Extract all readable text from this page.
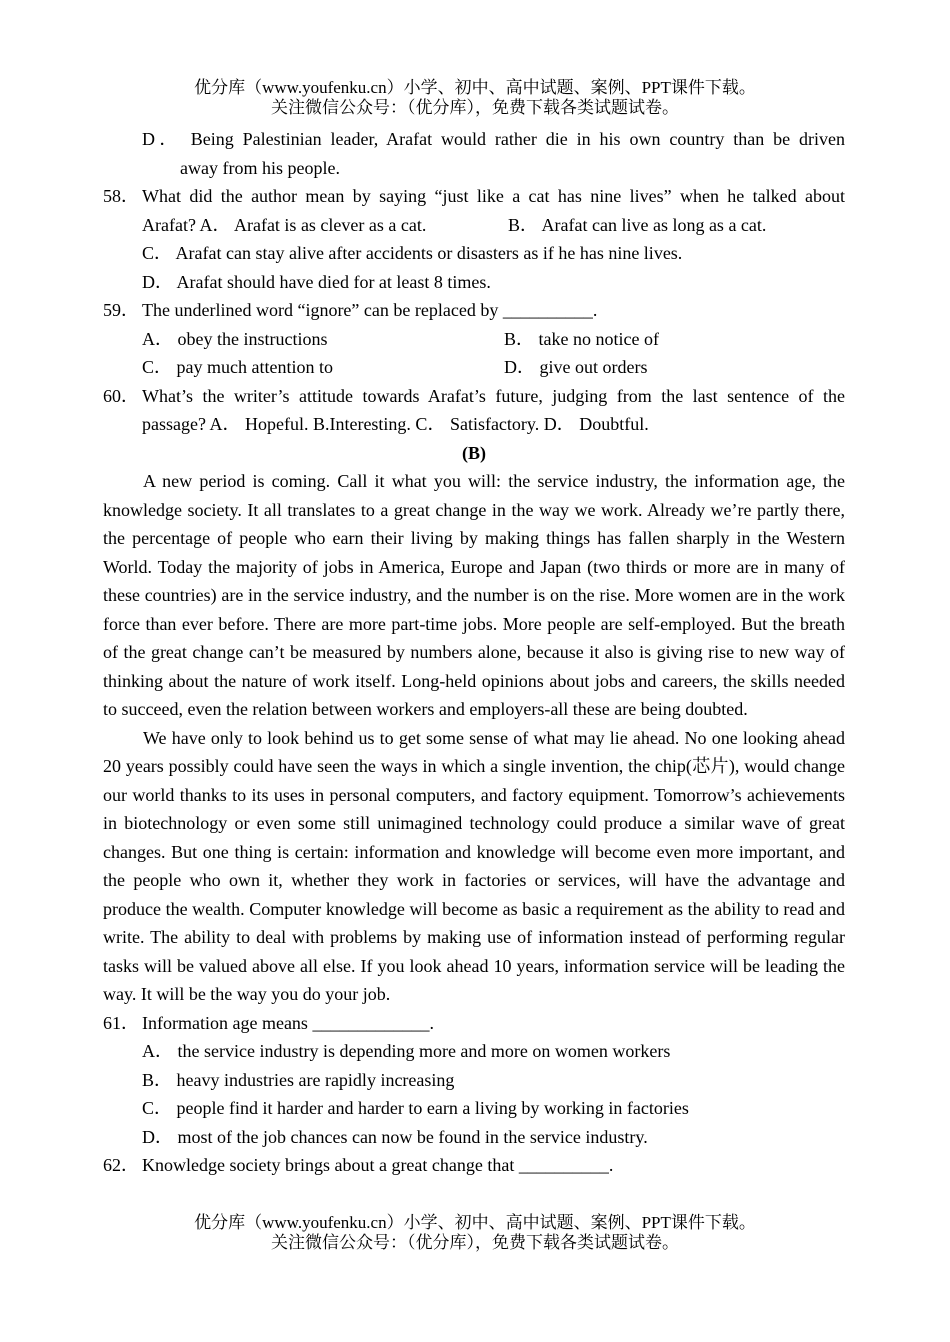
优分库（www.youfenku.cn）小学、初中、高中试题、案例、PPT课件下载。
关注微信公众号：（优分库），免费下载各类试题试卷。
D． Being Palestinian leader, Arafat would rather die in his own country than be driven
away from his people.
58． What did the author mean by saying “just like a cat has nine lives” when he talked about
Arafat? A． Arafat is as clever as a cat.	B． Arafat can live as long as a cat.
C． Arafat can stay alive after accidents or disasters as if he has nine lives.
D． Arafat should have died for at least 8 times.
59． The underlined word “ignore” can be replaced by __________.
A． obey the instructions	B． take no notice of
C． pay much attention to	D． give out orders
60． What’s the writer’s attitude towards Arafat’s future, judging from the last sentence of the
passage? A． Hopeful. B.Interesting. C． Satisfactory. D． Doubtful.
(B)
A new period is coming. Call it what you will: the service industry, the information age, the knowledge society. It all translates to a great change in the way we work. Already we’re partly there, the percentage of people who earn their living by making things has fallen sharply in the Western World. Today the majority of jobs in America, Europe and Japan (two thirds or more are in many of these countries) are in the service industry, and the number is on the rise. More women are in the work force than ever before. There are more part-time jobs. More people are self-employed. But the breath of the great change can’t be measured by numbers alone, because it also is giving rise to new way of thinking about the nature of work itself. Long-held opinions about jobs and careers, the skills needed to succeed, even the relation between workers and employers-all these are being doubted.
We have only to look behind us to get some sense of what may lie ahead. No one looking ahead 20 years possibly could have seen the ways in which a single invention, the chip(芯片), would change our world thanks to its uses in personal computers, and factory equipment. Tomorrow’s achievements in biotechnology or even some still unimagined technology could produce a similar wave of great changes. But one thing is certain: information and knowledge will become even more important, and the people who own it, whether they work in factories or services, will have the advantage and produce the wealth. Computer knowledge will become as basic a requirement as the ability to read and write. The ability to deal with problems by making use of information instead of performing regular tasks will be valued above all else. If you look ahead 10 years, information service will be leading the way. It will be the way you do your job.
61． Information age means _____________.
A． the service industry is depending more and more on women workers
B． heavy industries are rapidly increasing
C． people find it harder and harder to earn a living by working in factories
D． most of the job chances can now be found in the service industry.
62． Knowledge society brings about a great change that __________.
优分库（www.youfenku.cn）小学、初中、高中试题、案例、PPT课件下载。
关注微信公众号：（优分库），免费下载各类试题试卷。
